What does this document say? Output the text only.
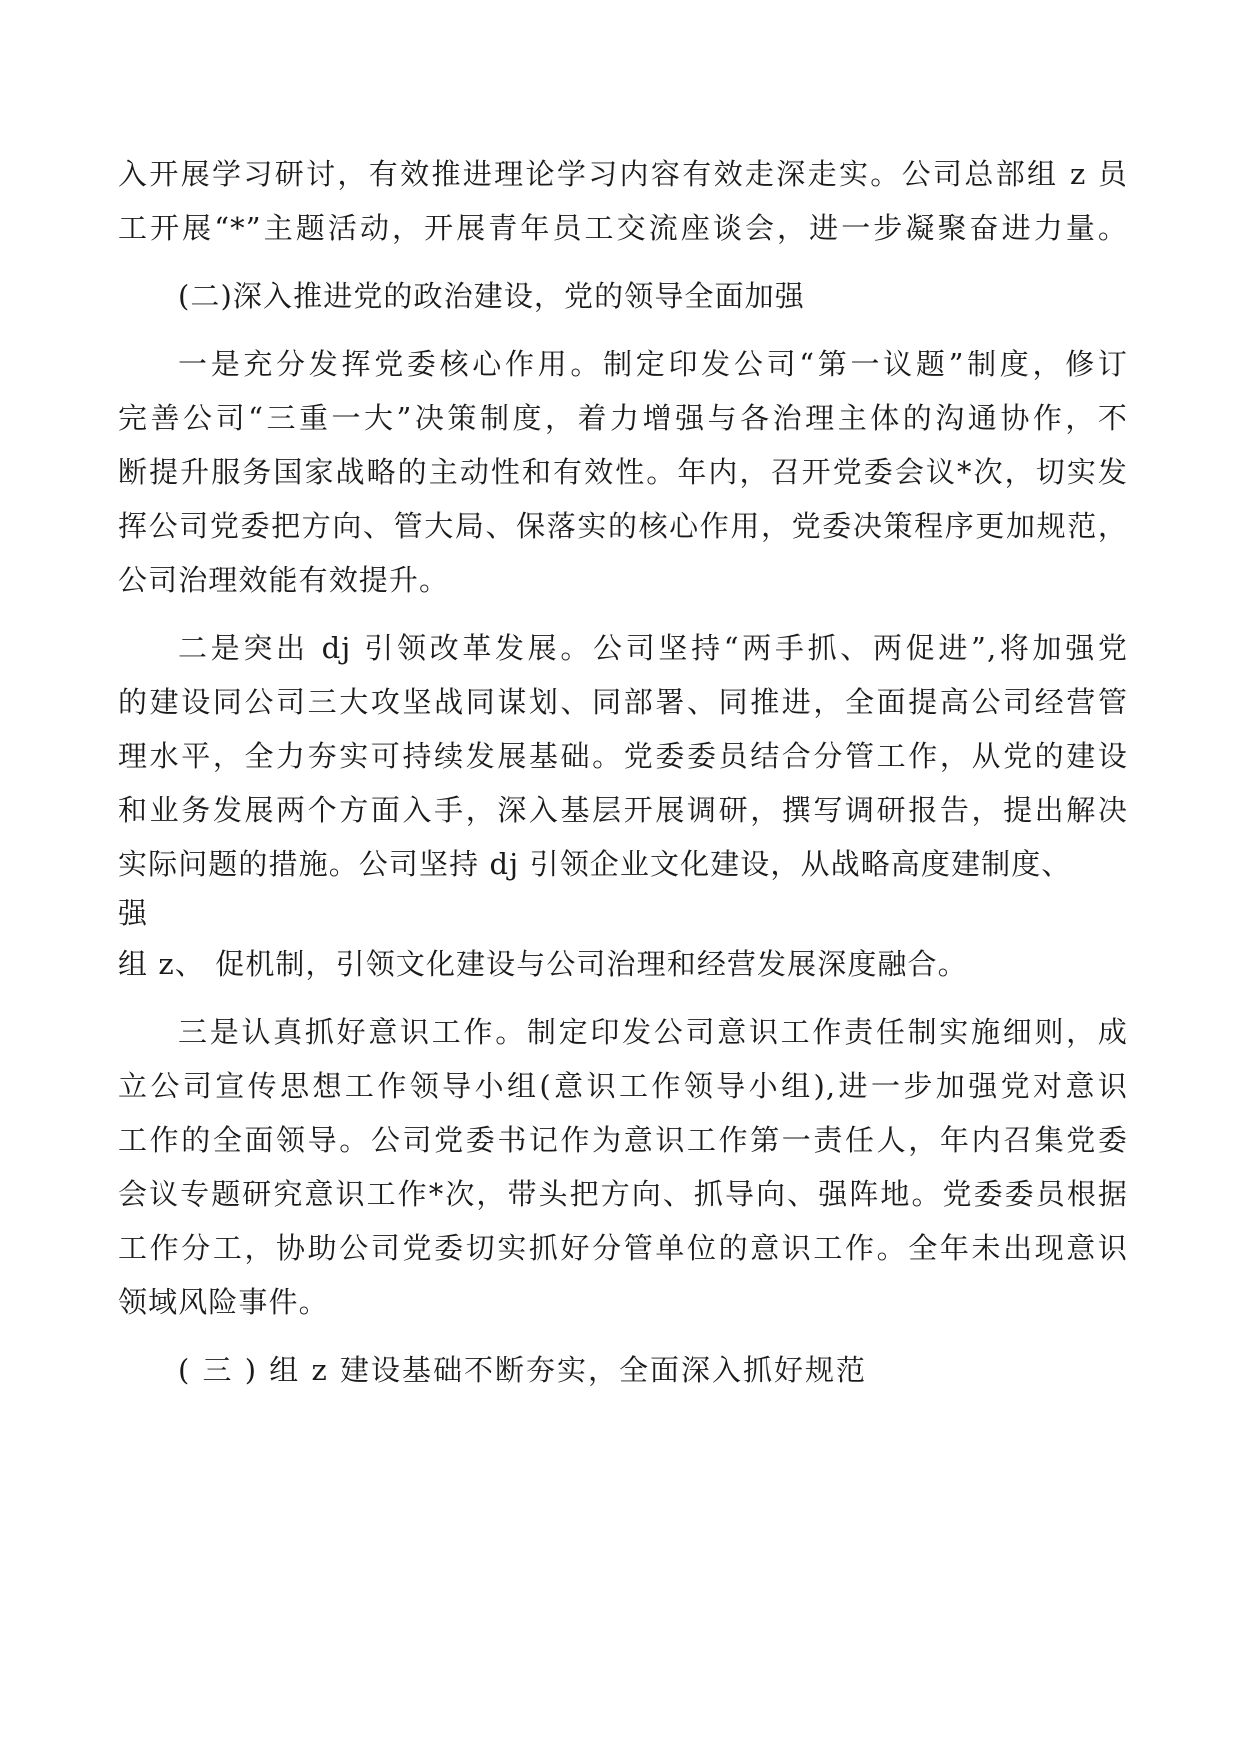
入开展学习研讨，有效推进理论学习内容有效走深走实。公司总部组 z 员
工开展“*”主题活动，开展青年员工交流座谈会，进一步凝聚奋进力量。
(二)深入推进党的政治建设，党的领导全面加强
一是充分发挥党委核心作用。制定印发公司“第一议题”制度，修订
完善公司“三重一大”决策制度，着力增强与各治理主体的沟通协作，不
断提升服务国家战略的主动性和有效性。年内，召开党委会议*次，切实发
挥公司党委把方向、管大局、保落实的核心作用，党委决策程序更加规范，
公司治理效能有效提升。
二是突出 dj 引领改革发展。公司坚持“两手抓、两促进”,将加强党
的建设同公司三大攻坚战同谋划、同部署、同推进，全面提高公司经营管
理水平，全力夯实可持续发展基础。党委委员结合分管工作，从党的建设
和业务发展两个方面入手，深入基层开展调研，撰写调研报告，提出解决
实际问题的措施。公司坚持 dj 引领企业文化建设，从战略高度建制度、
强
组 z、 促机制，引领文化建设与公司治理和经营发展深度融合。
三是认真抓好意识工作。制定印发公司意识工作责任制实施细则，成
立公司宣传思想工作领导小组(意识工作领导小组),进一步加强党对意识
工作的全面领导。公司党委书记作为意识工作第一责任人，年内召集党委
会议专题研究意识工作*次，带头把方向、抓导向、强阵地。党委委员根据
工作分工，协助公司党委切实抓好分管单位的意识工作。全年未出现意识
领域风险事件。
( 三 ) 组 z 建设基础不断夯实，全面深入抓好规范
